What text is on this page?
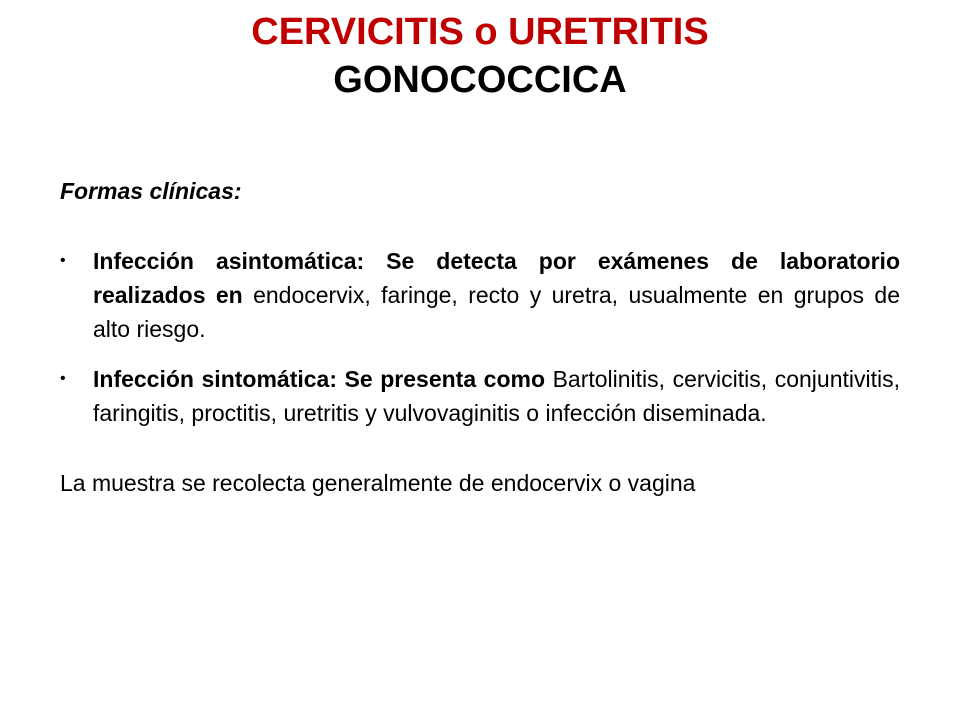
CERVICITIS o URETRITIS
GONOCOCCICA

Formas clínicas:

• Infección asintomática: Se detecta por exámenes de laboratorio realizados en endocervix, faringe, recto y uretra, usualmente en grupos de alto riesgo.
• Infección sintomática: Se presenta como Bartolinitis, cervicitis, conjuntivitis, faringitis, proctitis, uretritis y vulvovaginitis o infección diseminada.

La muestra se recolecta generalmente de endocervix o vagina
